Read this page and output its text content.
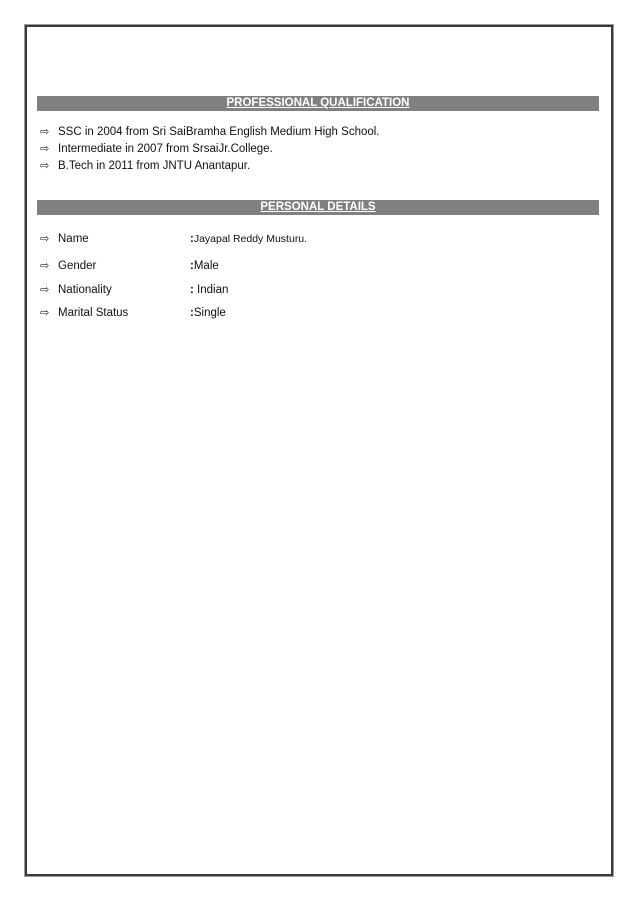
PROFESSIONAL QUALIFICATION
⇨ SSC in 2004 from Sri SaiBramha English Medium High School.
⇨ Intermediate in 2007 from SrsaiJr.College.
⇨ B.Tech in 2011 from JNTU Anantapur.
PERSONAL DETAILS
⇨ Name	:Jayapal Reddy Musturu.
⇨ Gender	:Male
⇨ Nationality	: Indian
⇨ Marital Status	:Single
